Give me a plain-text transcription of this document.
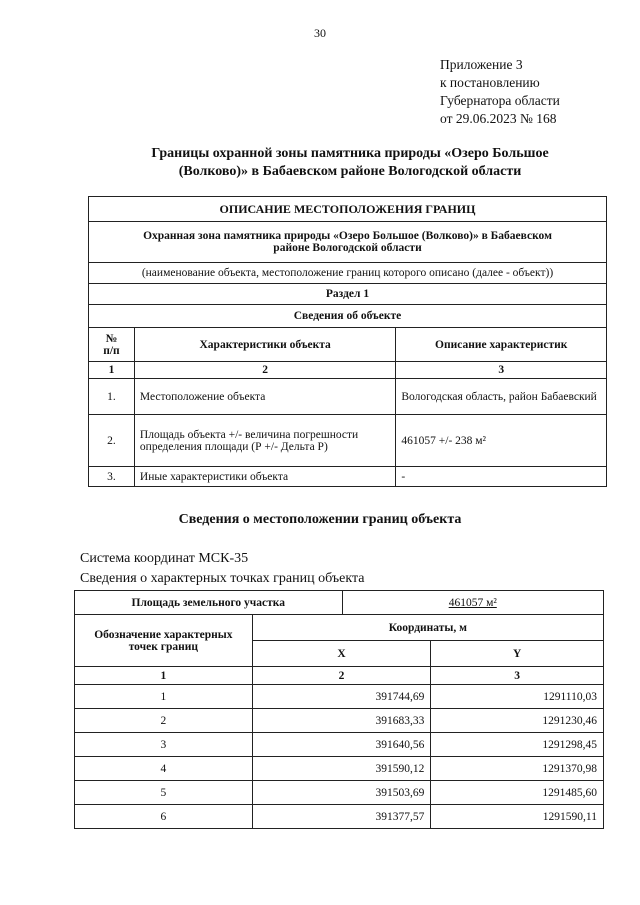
30
Приложение 3
к постановлению
Губернатора области
от 29.06.2023 № 168
Границы охранной зоны памятника природы «Озеро Большое
(Волково)» в Бабаевском районе Вологодской области
ОПИСАНИЕ МЕСТОПОЛОЖЕНИЯ ГРАНИЦ		

Охранная зона памятника природы «Озеро Большое (Волково)» в Бабаевском
районе Вологодской области		

(наименование объекта, местоположение границ которого описано (далее - объект))		
Раздел 1		
Сведения об объекте		
№
п/п	Характеристики объекта	Описание характеристик
1	2	3
1.	Местоположение объекта	Вологодская область, район Бабаевский
2.	Площадь объекта +/- величина погрешности определения площади (Р +/- Дельта Р)	461057 +/- 238 м²
3.	Иные характеристики объекта	-
Сведения о местоположении границ объекта
Система координат МСК-35
Сведения о характерных точках границ объекта
Площадь земельного участка		461057 м²	
Обозначение характерных точек границ	Координаты, м		
	X		Y
1	2		3
1	391744,69		1291110,03
2	391683,33		1291230,46
3	391640,56		1291298,45
4	391590,12		1291370,98
5	391503,69		1291485,60
6	391377,57		1291590,11
